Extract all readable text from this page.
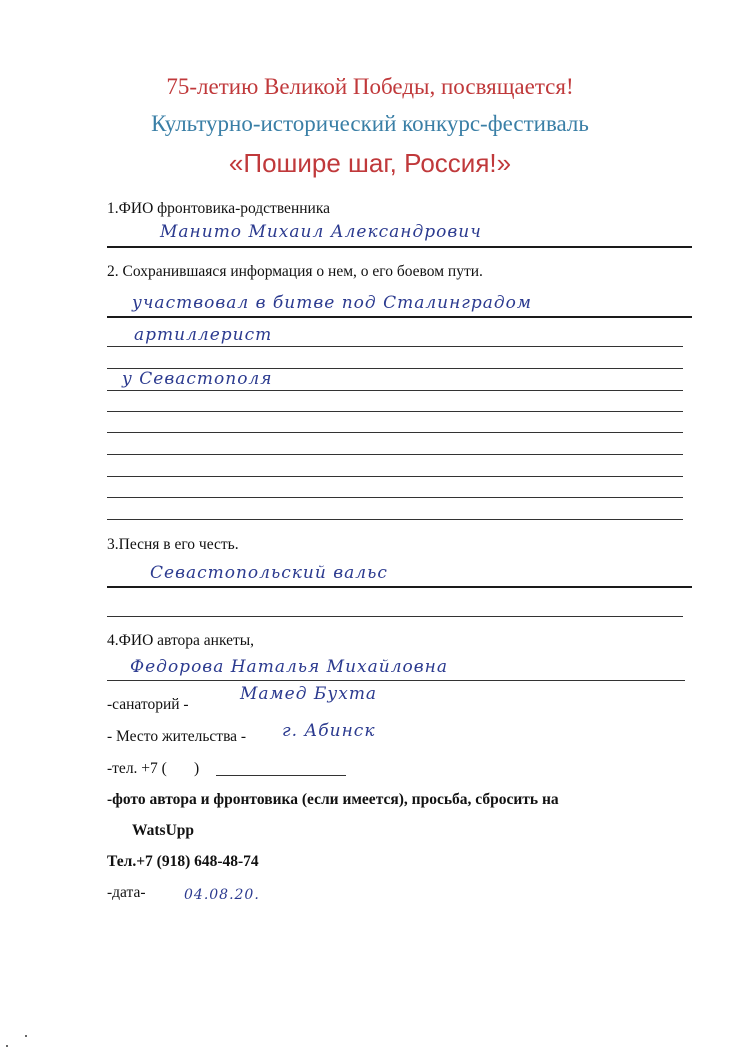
75-летию Великой Победы, посвящается!
Культурно-исторический конкурс-фестиваль
«Пошире шаг, Россия!»
1.ФИО фронтовика-родственника
Манито Михаил Александрович
2. Сохранившаяся информация о нем, о его боевом пути.
участвовал в битве под Сталинградом
артиллерист
у Севастополя
3.Песня в его честь.
Севастопольский вальс
4.ФИО автора анкеты,
Федорова Наталья Михайловна
-санаторий -
Мамед Бухта
- Место жительства - г. Абинск
-тел. +7 (       )
-фото автора и фронтовика (если имеется), просьба, сбросить на
WatsUpp
Тел.+7 (918) 648-48-74
-дата-	04.08.20.
